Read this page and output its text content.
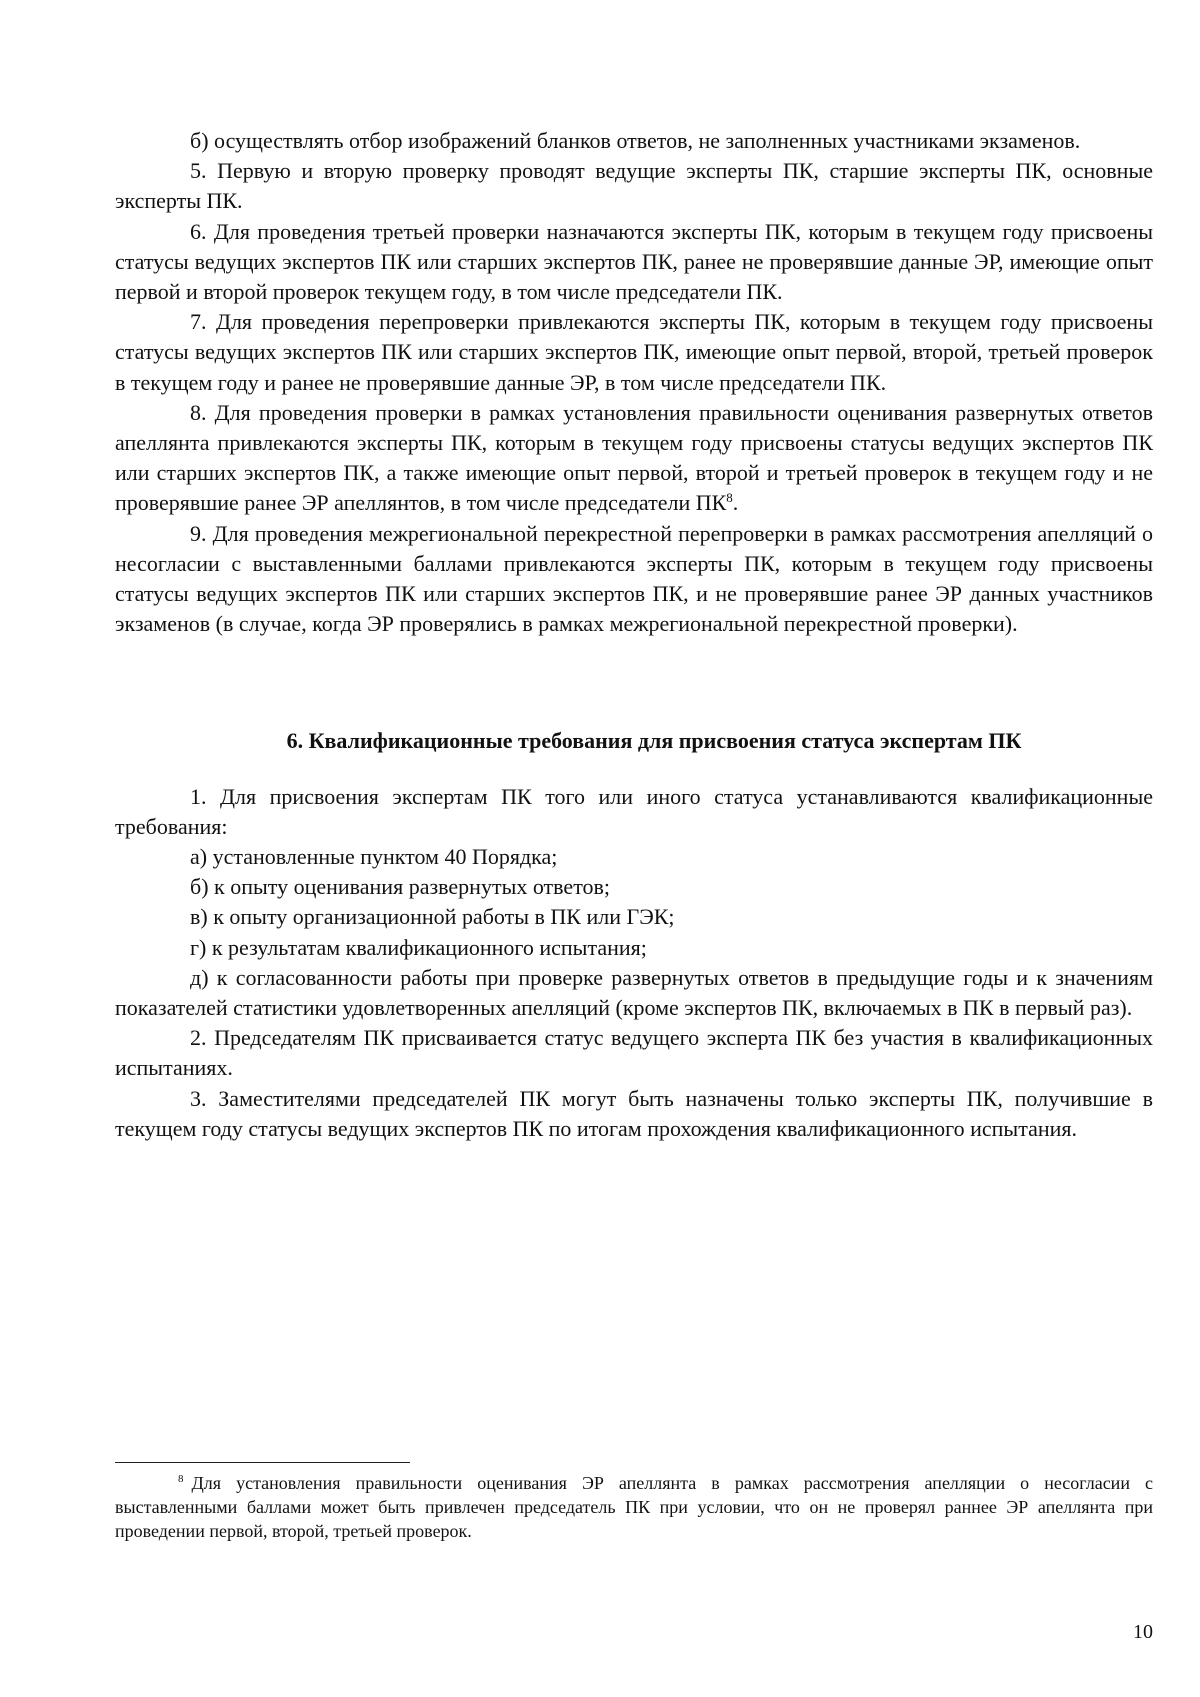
б) осуществлять отбор изображений бланков ответов, не заполненных участниками экзаменов.

5. Первую и вторую проверку проводят ведущие эксперты ПК, старшие эксперты ПК, основные эксперты ПК.

6. Для проведения третьей проверки назначаются эксперты ПК, которым в текущем году присвоены статусы ведущих экспертов ПК или старших экспертов ПК, ранее не проверявшие данные ЭР, имеющие опыт первой и второй проверок текущем году, в том числе председатели ПК.

7. Для проведения перепроверки привлекаются эксперты ПК, которым в текущем году присвоены статусы ведущих экспертов ПК или старших экспертов ПК, имеющие опыт первой, второй, третьей проверок в текущем году и ранее не проверявшие данные ЭР, в том числе председатели ПК.

8. Для проведения проверки в рамках установления правильности оценивания развернутых ответов апеллянта привлекаются эксперты ПК, которым в текущем году присвоены статусы ведущих экспертов ПК или старших экспертов ПК, а также имеющие опыт первой, второй и третьей проверок в текущем году и не проверявшие ранее ЭР апеллянтов, в том числе председатели $ПК^8$.

9. Для проведения межрегиональной перекрестной перепроверки в рамках рассмотрения апелляций о несогласии с выставленными баллами привлекаются эксперты ПК, которым в текущем году присвоены статусы ведущих экспертов ПК или старших экспертов ПК, и не проверявшие ранее ЭР данных участников экзаменов (в случае, когда ЭР проверялись в рамках межрегиональной перекрестной проверки).

6. Квалификационные требования для присвоения статуса экспертам ПК

1. Для присвоения экспертам ПК того или иного статуса устанавливаются квалификационные требования:

а) установленные пунктом 40 Порядка;

б) к опыту оценивания развернутых ответов;

в) к опыту организационной работы в ПК или ГЭК;

г) к результатам квалификационного испытания;

д) к согласованности работы при проверке развернутых ответов в предыдущие годы и к значениям показателей статистики удовлетворенных апелляций (кроме экспертов ПК, включаемых в ПК в первый раз).

2. Председателям ПК присваивается статус ведущего эксперта ПК без участия в квалификационных испытаниях.

3. Заместителями председателей ПК могут быть назначены только эксперты ПК, получившие в текущем году статусы ведущих экспертов ПК по итогам прохождения квалификационного испытания.

$^8$ Для установления правильности оценивания ЭР апеллянта в рамках рассмотрения апелляции о несогласии с выставленными баллами может быть привлечен председатель ПК при условии, что он не проверял раннее ЭР апеллянта при проведении первой, второй, третьей проверок.

10
